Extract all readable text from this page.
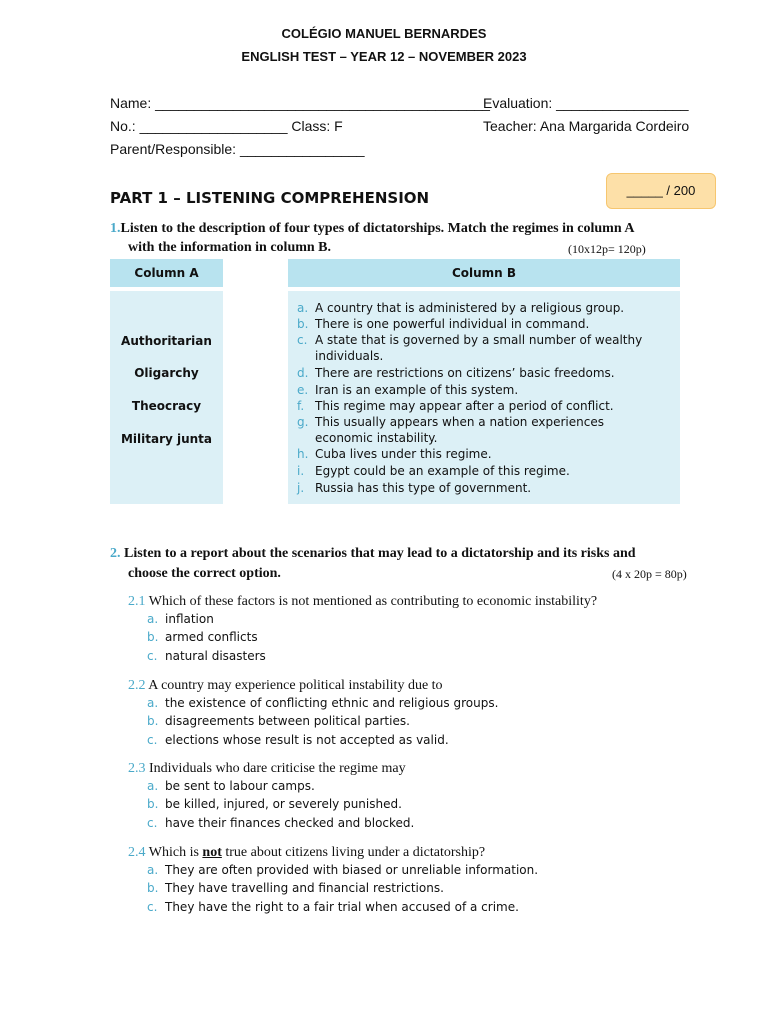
COLÉGIO MANUEL BERNARDES
ENGLISH TEST – YEAR 12 – NOVEMBER 2023
Name: ___________________________________________
Evaluation: _________________
No.: ___________________ Class: F	Teacher: Ana Margarida Cordeiro
Parent/Responsible: ________________
PART 1 – LISTENING COMPREHENSION	_____ / 200
1.Listen to the description of four types of dictatorships. Match the regimes in column A
with the information in column B.	(10x12p= 120p)
Column A	Column B
Authoritarian
Oligarchy
Theocracy
Military junta
a. A country that is administered by a religious group.
b. There is one powerful individual in command.
c. A state that is governed by a small number of wealthy individuals.
d. There are restrictions on citizens’ basic freedoms.
e. Iran is an example of this system.
f. This regime may appear after a period of conflict.
g. This usually appears when a nation experiences economic instability.
h. Cuba lives under this regime.
i. Egypt could be an example of this regime.
j. Russia has this type of government.
2. Listen to a report about the scenarios that may lead to a dictatorship and its risks and
choose the correct option.	(4 x 20p = 80p)
2.1 Which of these factors is not mentioned as contributing to economic instability?
a. inflation
b. armed conflicts
c. natural disasters
2.2 A country may experience political instability due to
a. the existence of conflicting ethnic and religious groups.
b. disagreements between political parties.
c. elections whose result is not accepted as valid.
2.3 Individuals who dare criticise the regime may
a. be sent to labour camps.
b. be killed, injured, or severely punished.
c. have their finances checked and blocked.
2.4 Which is not true about citizens living under a dictatorship?
a. They are often provided with biased or unreliable information.
b. They have travelling and financial restrictions.
c. They have the right to a fair trial when accused of a crime.
